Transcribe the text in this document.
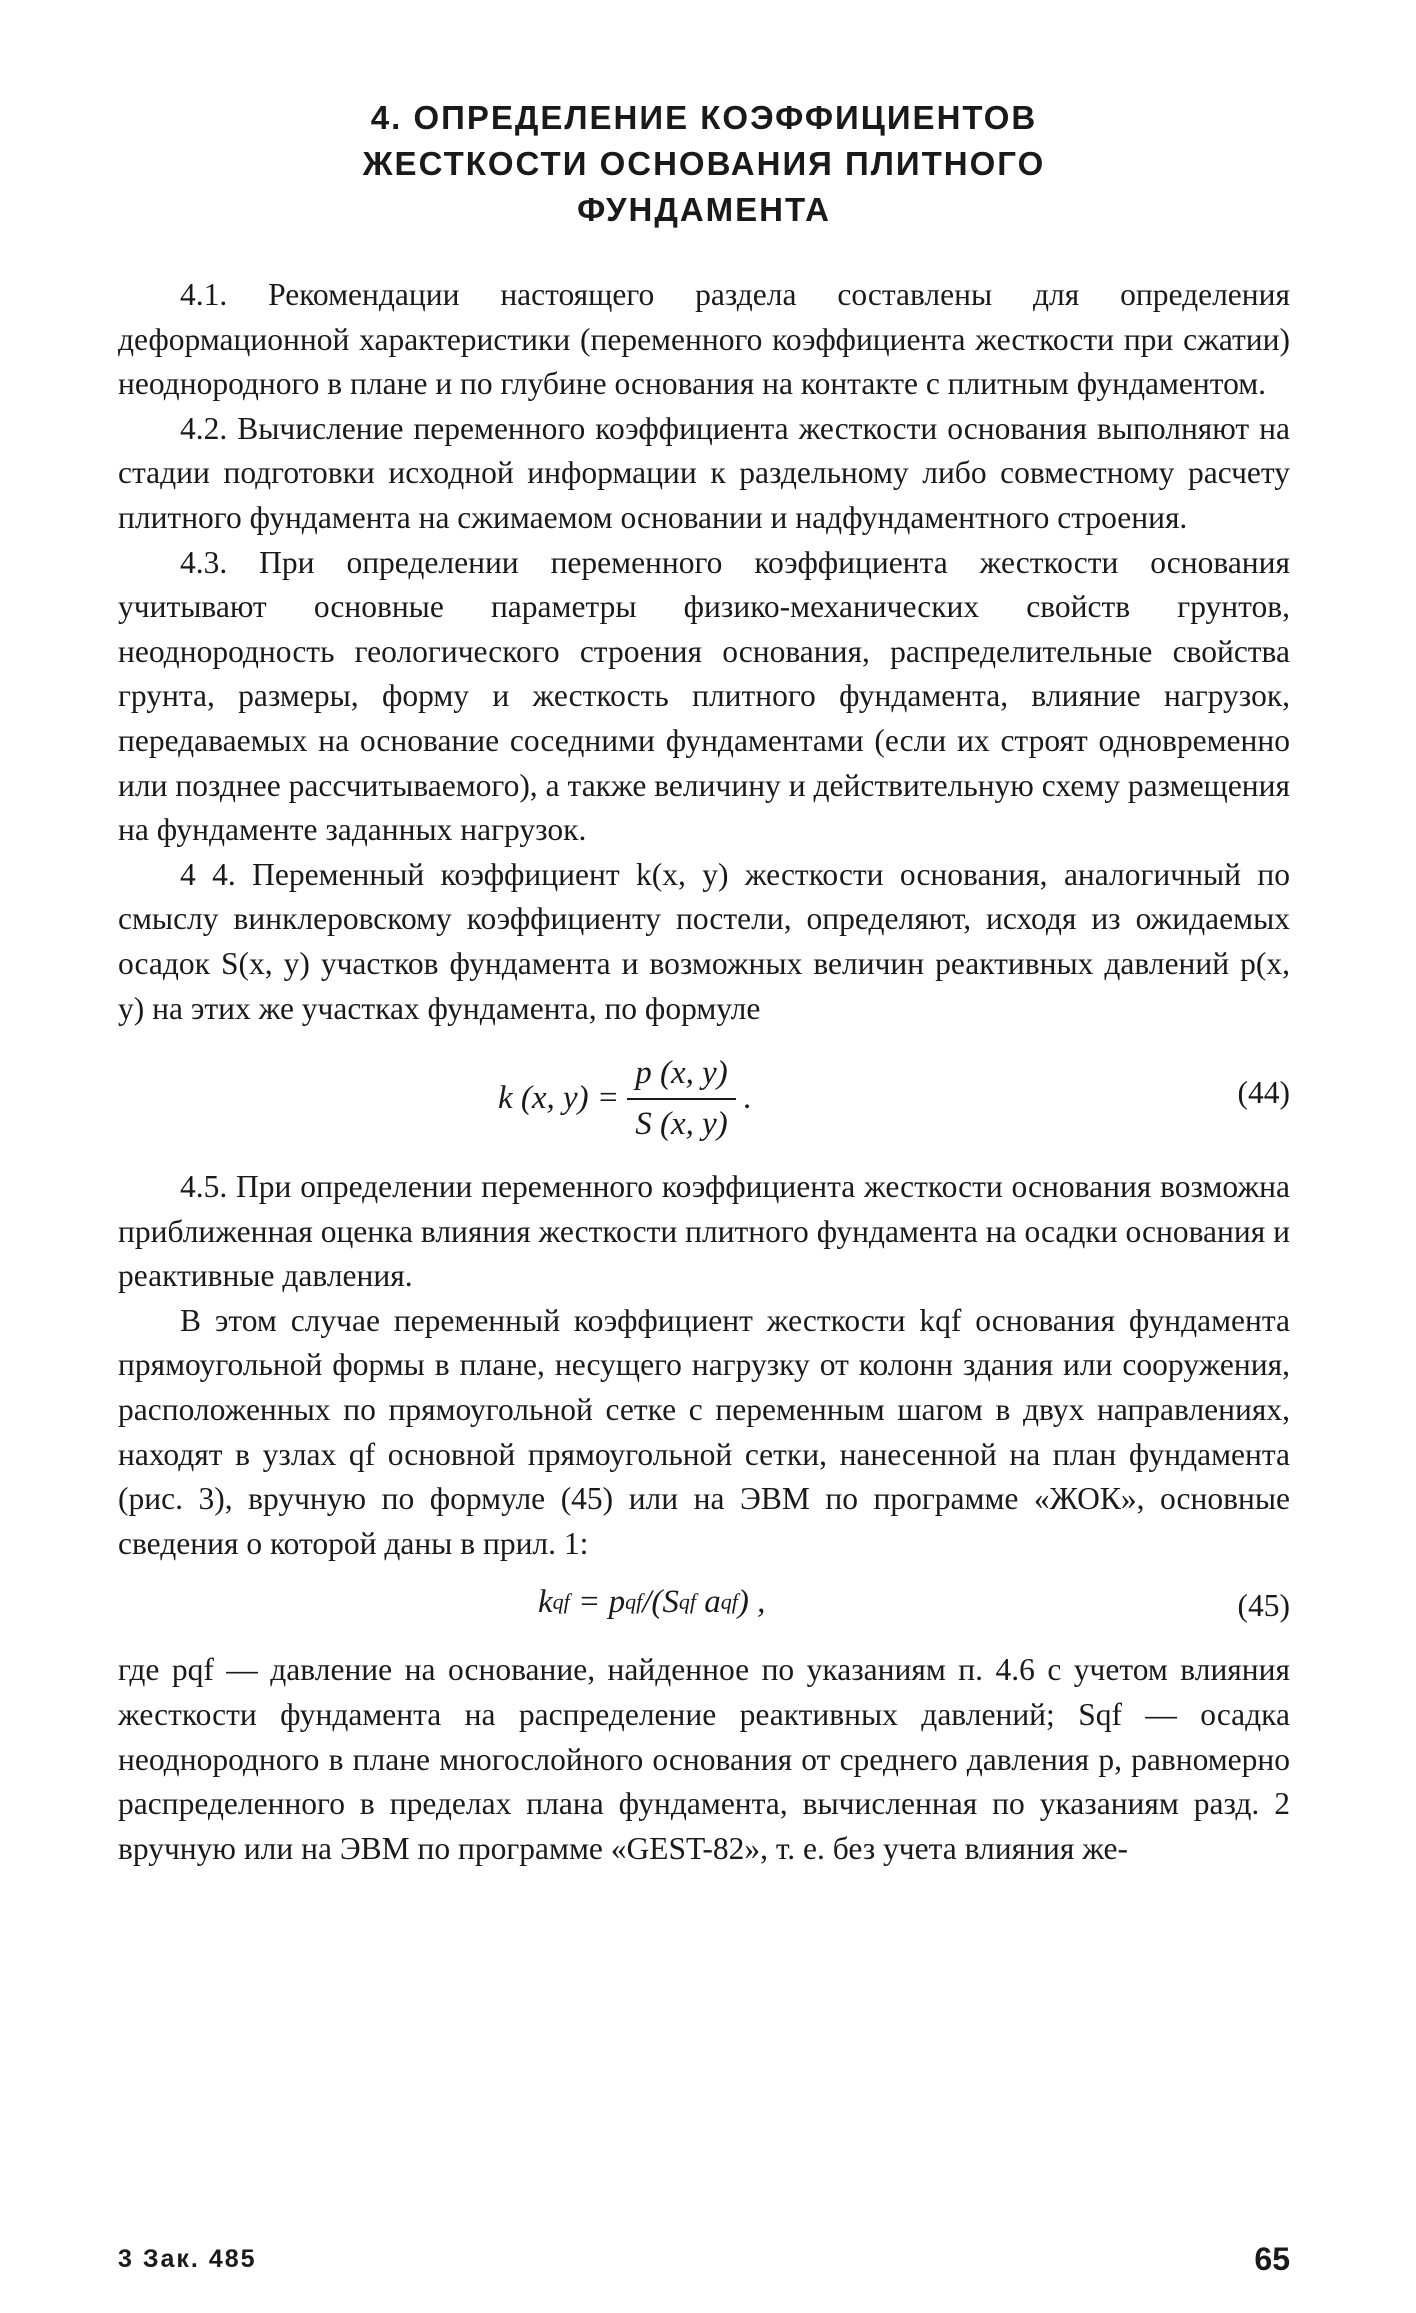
4. ОПРЕДЕЛЕНИЕ КОЭФФИЦИЕНТОВ
ЖЕСТКОСТИ ОСНОВАНИЯ ПЛИТНОГО
ФУНДАМЕНТА

4.1. Рекомендации настоящего раздела составлены для определения деформационной характеристики (переменного коэффициента жесткости при сжатии) неоднородного в плане и по глубине основания на контакте с плитным фундаментом.

4.2. Вычисление переменного коэффициента жесткости основания выполняют на стадии подготовки исходной информации к раздельному либо совместному расчету плитного фундамента на сжимаемом основании и надфундаментного строения.

4.3. При определении переменного коэффициента жесткости основания учитывают основные параметры физико-механических свойств грунтов, неоднородность геологического строения основания, распределительные свойства грунта, размеры, форму и жесткость плитного фундамента, влияние нагрузок, передаваемых на основание соседними фундаментами (если их строят одновременно или позднее рассчитываемого), а также величину и действительную схему размещения на фундаменте заданных нагрузок.

4 4. Переменный коэффициент k(x, y) жесткости основания, аналогичный по смыслу винклеровскому коэффициенту постели, определяют, исходя из ожидаемых осадок S(x, y) участков фундамента и возможных величин реактивных давлений p(x, y) на этих же участках фундамента, по формуле

k (x, $y) = \frac{p (x, y)}{S (x, y)}$ .	(44)

4.5. При определении переменного коэффициента жесткости основания возможна приближенная оценка влияния жесткости плитного фундамента на осадки основания и реактивные давления.

В этом случае переменный коэффициент жесткости kqf основания фундамента прямоугольной формы в плане, несущего нагрузку от колонн здания или сооружения, расположенных по прямоугольной сетке с переменным шагом в двух направлениях, находят в узлах qf основной прямоугольной сетки, нанесенной на план фундамента (рис. 3), вручную по формуле (45) или на ЭВМ по программе «ЖОК», основные сведения о которой даны в прил. 1:

k qf = p qf /( S qf
a qf ) ,	(45)

где pqf — давление на основание, найденное по указаниям п. 4.6 с учетом влияния жесткости фундамента на распределение реактивных давлений; Sqf — осадка неоднородного в плане многослойного основания от среднего давления p, равномерно распределенного в пределах плана фундамента, вычисленная по указаниям разд. 2 вручную или на ЭВМ по программе «GEST-82», т. е. без учета влияния же-

3 Зак. 485	65
